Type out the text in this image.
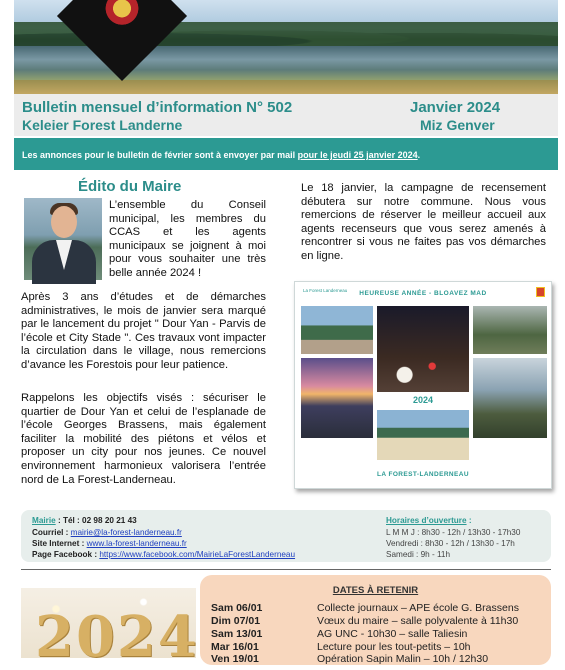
Bulletin mensuel d’information N° 502
Keleier Forest Landerne
Janvier 2024
Miz Genver
Les annonces pour le bulletin de février sont à envoyer par mail pour le jeudi 25 janvier 2024.
Édito du Maire

L’ensemble du Conseil municipal, les membres du CCAS et les agents municipaux se joignent à moi pour vous souhaiter une très belle année 2024 !

Après 3 ans d’études et de démarches administratives, le mois de janvier sera marqué par le lancement du projet " Dour Yan - Parvis de l’école et City Stade ". Ces travaux vont impacter la circulation dans le village, nous remercions d’avance les Forestois pour leur patience.

Rappelons les objectifs visés : sécuriser le quartier de Dour Yan et celui de l’esplanade de l’école Georges Brassens, mais également faciliter la mobilité des piétons et vélos et proposer un city pour nos jeunes. Ce nouvel environnement harmonieux valorisera l’entrée nord de La Forest-Landerneau.

Le 18 janvier, la campagne de recensement débutera sur notre commune. Nous vous remercions de réserver le meilleur accueil aux agents recenseurs que vous serez amenés à rencontrer si vous ne faites pas vos démarches en ligne.

La Forest Landerneau	HEUREUSE ANNÉE - BLOAVEZ MAD
2024
LA FOREST-LANDERNEAU
Mairie : Tél : 02 98 20 21 43
Courriel : mairie@la-forest-landerneau.fr
Site Internet : www.la-forest-landerneau.fr
Page Facebook : https://www.facebook.com/MairieLaForestLanderneau
Horaires d’ouverture :
L M M J : 8h30 - 12h / 13h30 - 17h30
Vendredi : 8h30 - 12h / 13h30 - 17h
Samedi : 9h - 11h
2024
DATES À RETENIR
Sam 06/01	Collecte journaux – APE école G. Brassens
Dim 07/01	Vœux du maire – salle polyvalente à 11h30
Sam 13/01	AG UNC - 10h30 – salle Taliesin
Mar 16/01	Lecture pour les tout-petits – 10h
Ven 19/01	Opération Sapin Malin – 10h / 12h30
